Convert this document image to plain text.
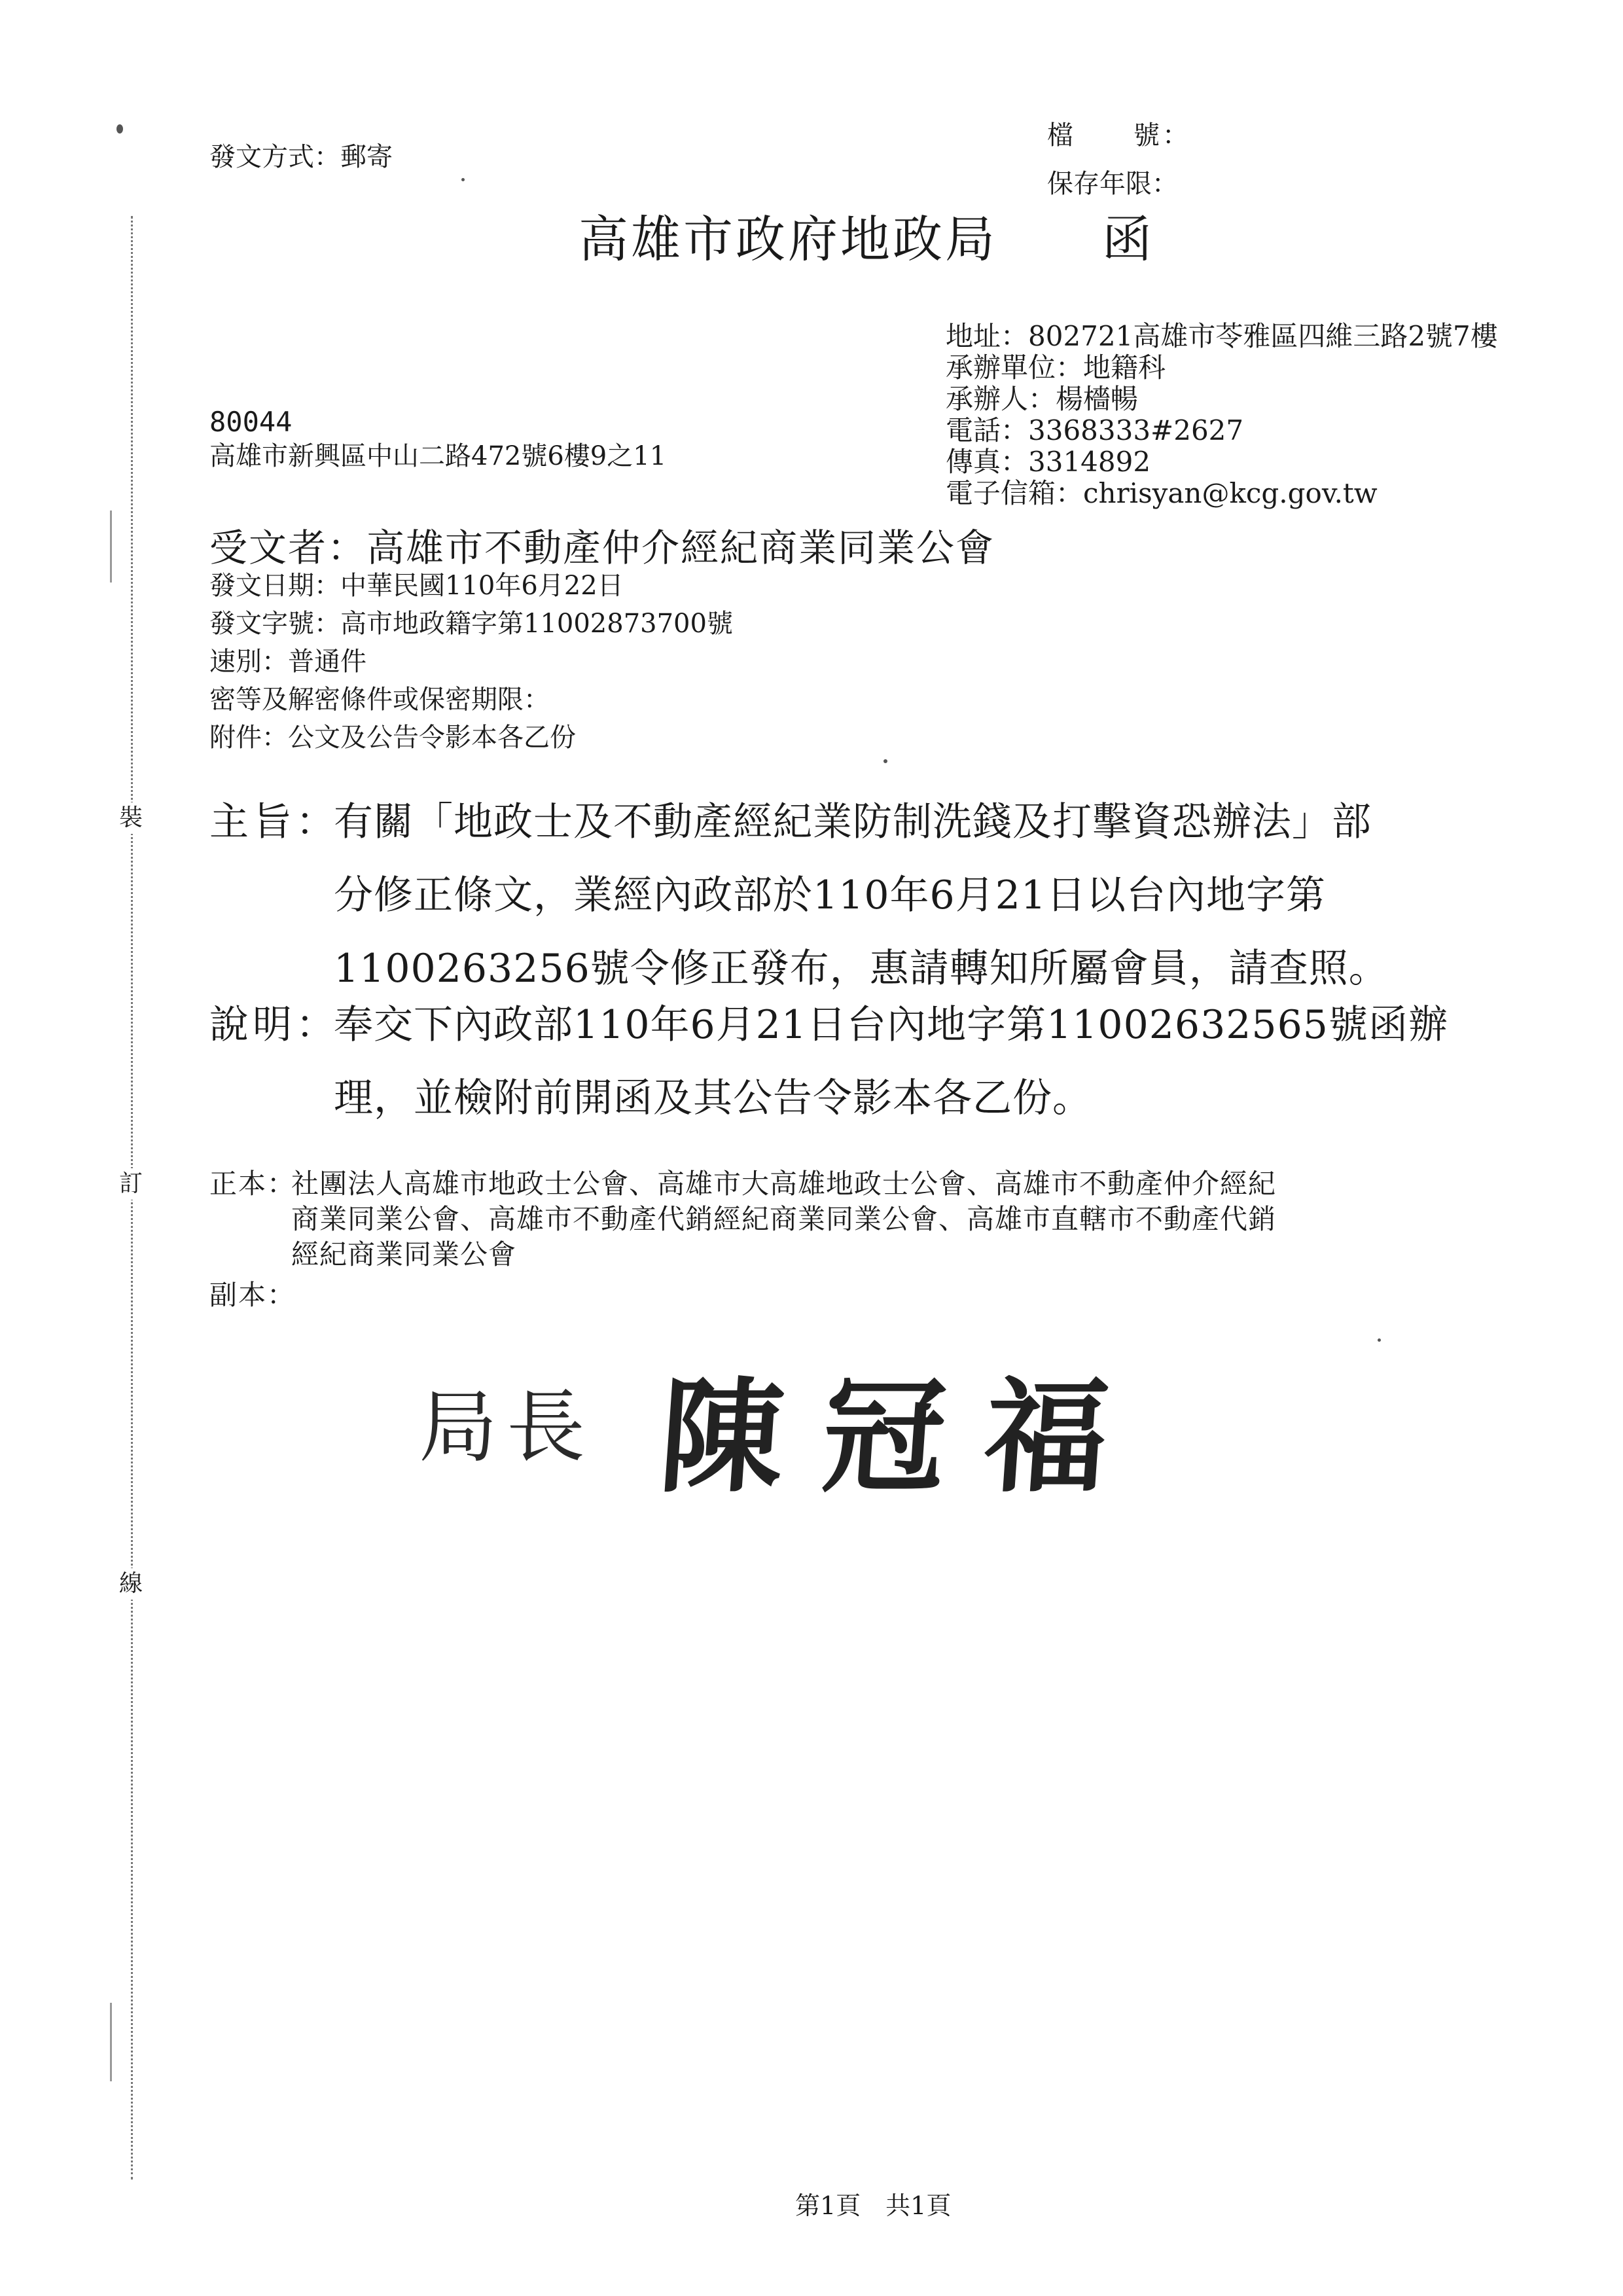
裝
訂
線
發文方式：郵寄
檔　　號：
保存年限：
高雄市政府地政局　　函
地址：802721高雄市苓雅區四維三路2號7樓
承辦單位：地籍科
承辦人：楊檣暢
電話：3368333#2627
傳真：3314892
電子信箱：chrisyan@kcg.gov.tw
80044
高雄市新興區中山二路472號6樓9之11
受文者：高雄市不動產仲介經紀商業同業公會
發文日期：中華民國110年6月22日
發文字號：高市地政籍字第11002873700號
速別：普通件
密等及解密條件或保密期限：
附件：公文及公告令影本各乙份
主旨：
有關「地政士及不動產經紀業防制洗錢及打擊資恐辦法」部
分修正條文，業經內政部於110年6月21日以台內地字第
1100263256號令修正發布，惠請轉知所屬會員，請查照。
說明：
奉交下內政部110年6月21日台內地字第11002632565號函辦
理，並檢附前開函及其公告令影本各乙份。
正本：
社團法人高雄市地政士公會、高雄市大高雄地政士公會、高雄市不動產仲介經紀
商業同業公會、高雄市不動產代銷經紀商業同業公會、高雄市直轄市不動產代銷
經紀商業同業公會
副本：
局長 陳冠福
第1頁　共1頁
